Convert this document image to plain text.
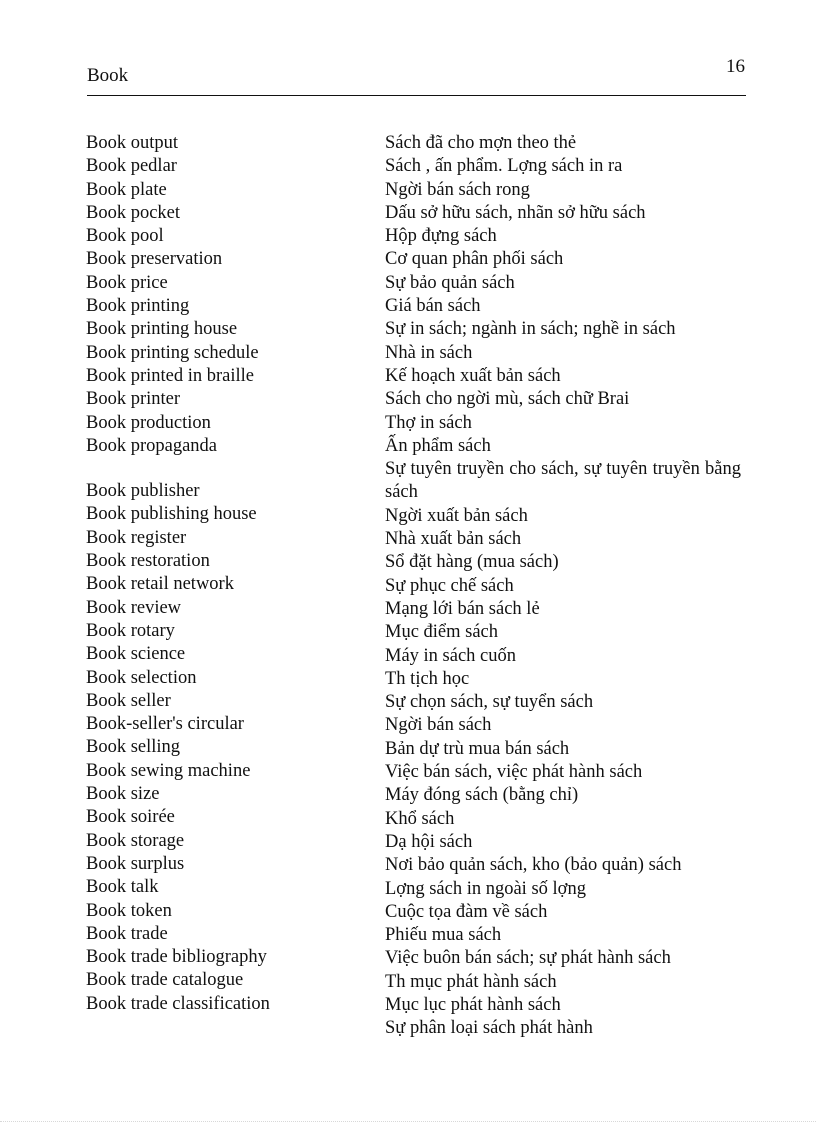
Book	16
Book output
Book pedlar
Book plate
Book pocket
Book pool
Book preservation
Book price
Book printing
Book printing house
Book printing schedule
Book printed in braille
Book printer
Book production
Book propaganda
Book publisher
Book publishing house
Book register
Book restoration
Book retail network
Book review
Book rotary
Book science
Book selection
Book seller
Book-seller's circular
Book selling
Book sewing machine
Book size
Book soirée
Book storage
Book surplus
Book talk
Book token
Book trade
Book trade bibliography
Book trade catalogue
Book trade classification
Sách đã cho mợn theo thẻ
Sách , ấn phẩm. Lợng sách in ra
Ngời bán sách rong
Dấu sở hữu sách, nhãn sở hữu sách
Hộp đựng sách
Cơ quan phân phối sách
Sự bảo quản sách
Giá bán sách
Sự in sách; ngành in sách; nghề in sách
Nhà in sách
Kế hoạch xuất bản sách
Sách cho ngời mù, sách chữ Brai
Thợ in sách
Ấn phẩm sách
Sự tuyên truyền cho sách, sự tuyên truyền bằng sách
Ngời xuất bản sách
Nhà xuất bản sách
Sổ đặt hàng (mua sách)
Sự phục chế sách
Mạng lới bán sách lẻ
Mục điểm sách
Máy in sách cuốn
Th tịch học
Sự chọn sách, sự tuyển sách
Ngời bán sách
Bản dự trù mua bán sách
Việc bán sách, việc phát hành sách
Máy đóng sách (bằng chỉ)
Khổ sách
Dạ hội sách
Nơi bảo quản sách, kho (bảo quản) sách
Lợng sách in ngoài số lợng
Cuộc tọa đàm về sách
Phiếu mua sách
Việc buôn bán sách; sự phát hành sách
Th mục phát hành sách
Mục lục phát hành sách
Sự phân loại sách phát hành
